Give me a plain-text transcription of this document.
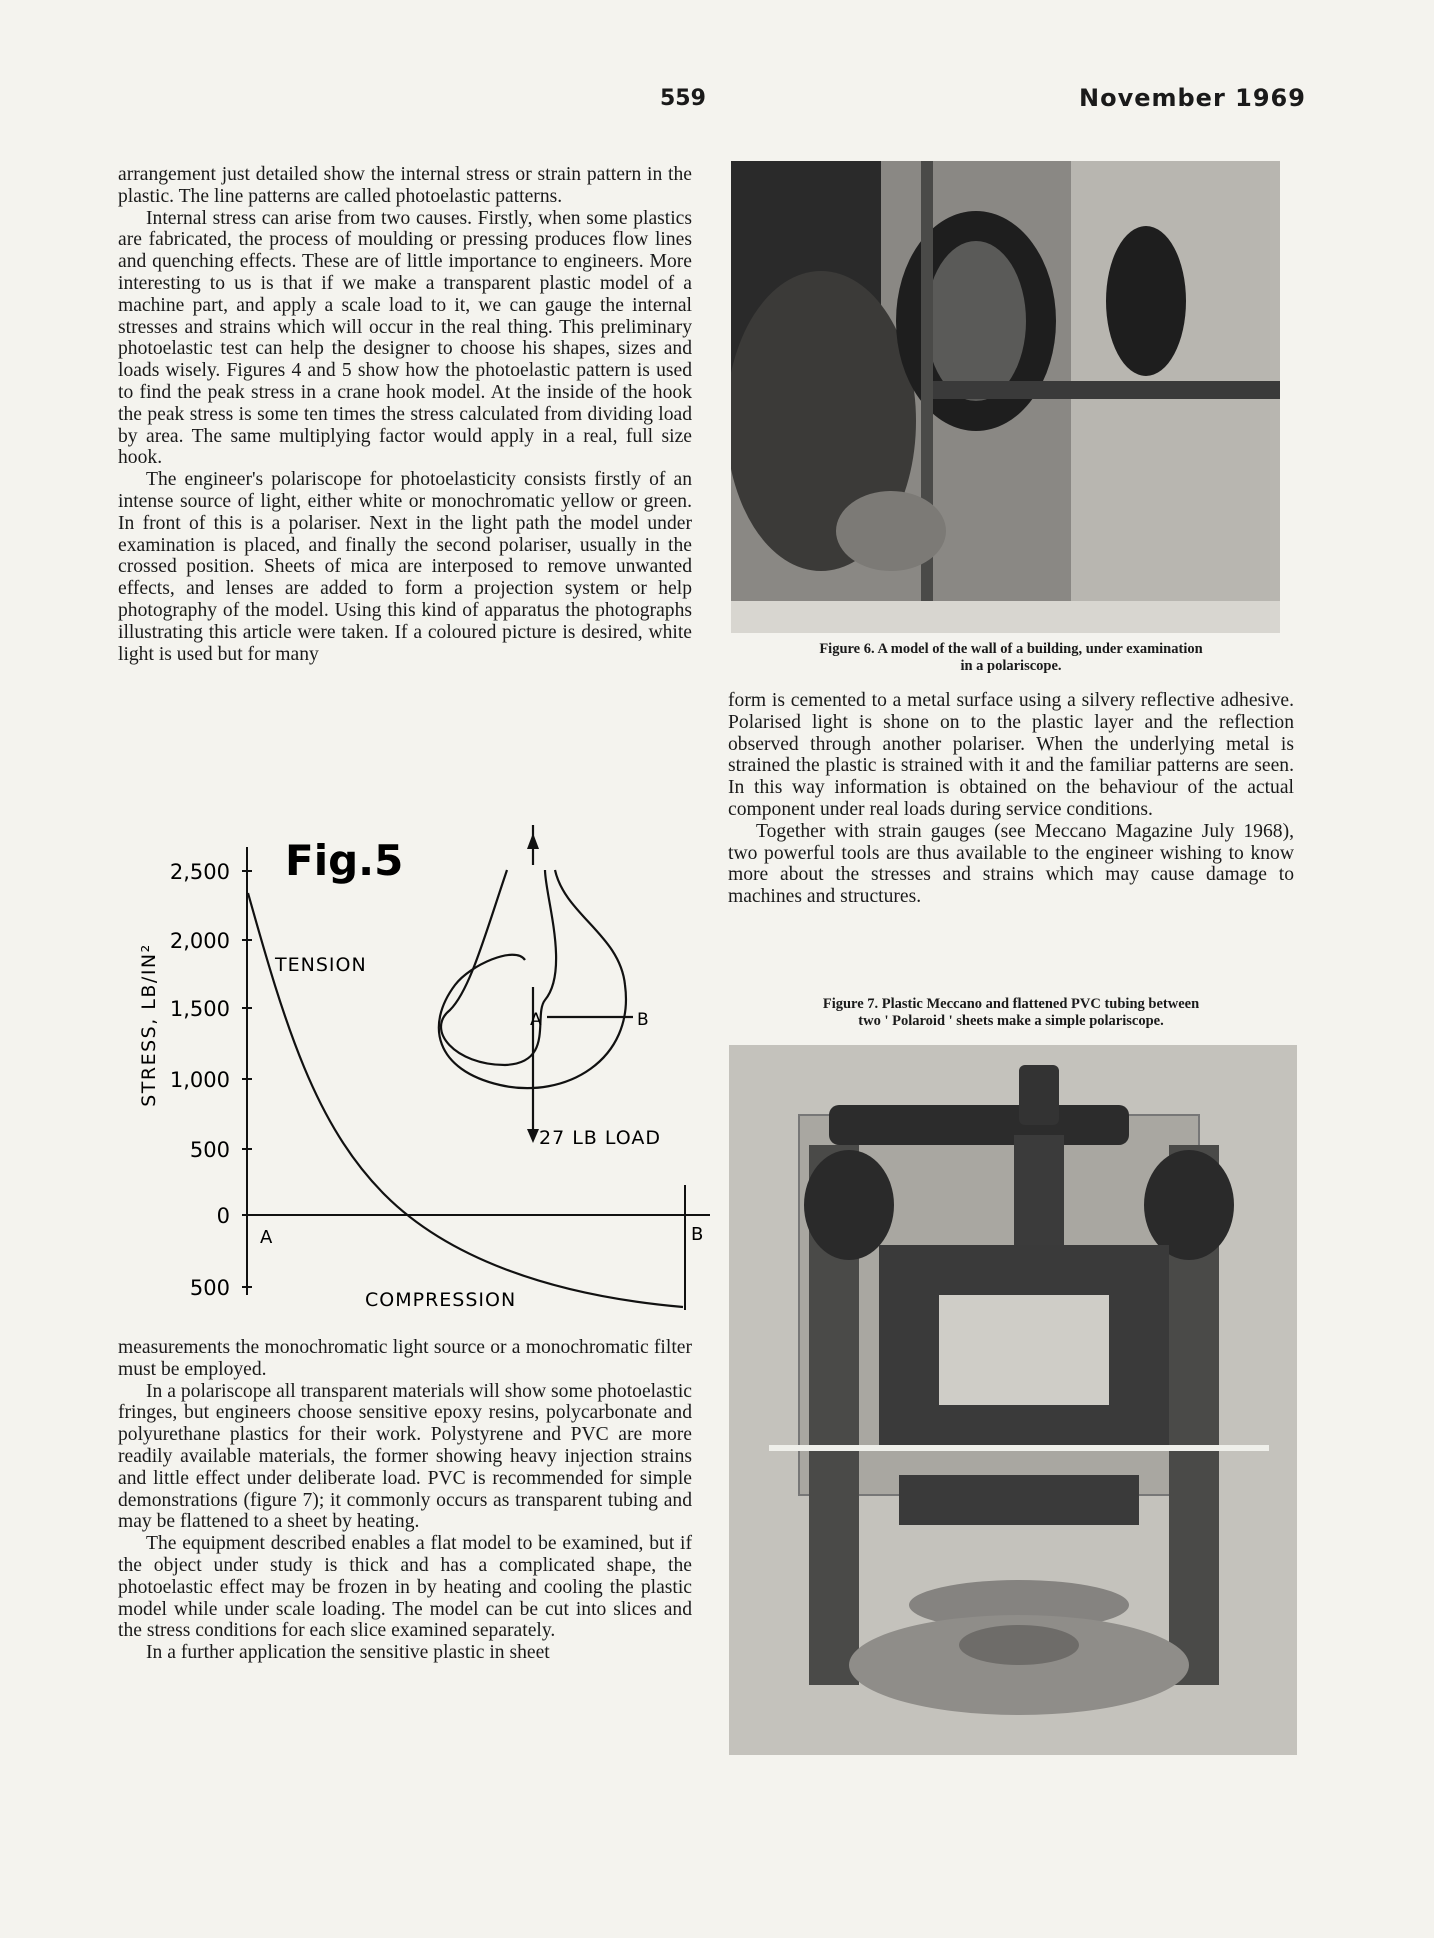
559	November 1969

arrangement just detailed show the internal stress or strain pattern in the plastic. The line patterns are called photoelastic patterns.

Internal stress can arise from two causes. Firstly, when some plastics are fabricated, the process of moulding or pressing produces flow lines and quenching effects. These are of little importance to engineers. More interesting to us is that if we make a transparent plastic model of a machine part, and apply a scale load to it, we can gauge the internal stresses and strains which will occur in the real thing. This preliminary photoelastic test can help the designer to choose his shapes, sizes and loads wisely. Figures 4 and 5 show how the photoelastic pattern is used to find the peak stress in a crane hook model. At the inside of the hook the peak stress is some ten times the stress calculated from dividing load by area. The same multiplying factor would apply in a real, full size hook.

The engineer's polariscope for photoelasticity consists firstly of an intense source of light, either white or monochromatic yellow or green. In front of this is a polariser. Next in the light path the model under examination is placed, and finally the second polariser, usually in the crossed position. Sheets of mica are interposed to remove unwanted effects, and lenses are added to form a projection system or help photography of the model. Using this kind of apparatus the photographs illustrating this article were taken. If a coloured picture is desired, white light is used but for many

STRESS, LB/IN²
2,500
2,000
1,500
1,000
500
0
500
Fig.5
A	B
TENSION
COMPRESSION
A	B
27 LB LOAD

measurements the monochromatic light source or a monochromatic filter must be employed.

In a polariscope all transparent materials will show some photoelastic fringes, but engineers choose sensitive epoxy resins, polycarbonate and polyurethane plastics for their work. Polystyrene and PVC are more readily available materials, the former showing heavy injection strains and little effect under deliberate load. PVC is recommended for simple demonstrations (figure 7); it commonly occurs as transparent tubing and may be flattened to a sheet by heating.

The equipment described enables a flat model to be examined, but if the object under study is thick and has a complicated shape, the photoelastic effect may be frozen in by heating and cooling the plastic model while under scale loading. The model can be cut into slices and the stress conditions for each slice examined separately.

In a further application the sensitive plastic in sheet

Figure 6. A model of the wall of a building, under examination
in a polariscope.

form is cemented to a metal surface using a silvery reflective adhesive. Polarised light is shone on to the plastic layer and the reflection observed through another polariser. When the underlying metal is strained the plastic is strained with it and the familiar patterns are seen. In this way information is obtained on the behaviour of the actual component under real loads during service conditions.

Together with strain gauges (see Meccano Magazine July 1968), two powerful tools are thus available to the engineer wishing to know more about the stresses and strains which may cause damage to machines and structures.

Figure 7. Plastic Meccano and flattened PVC tubing between
two ' Polaroid ' sheets make a simple polariscope.
